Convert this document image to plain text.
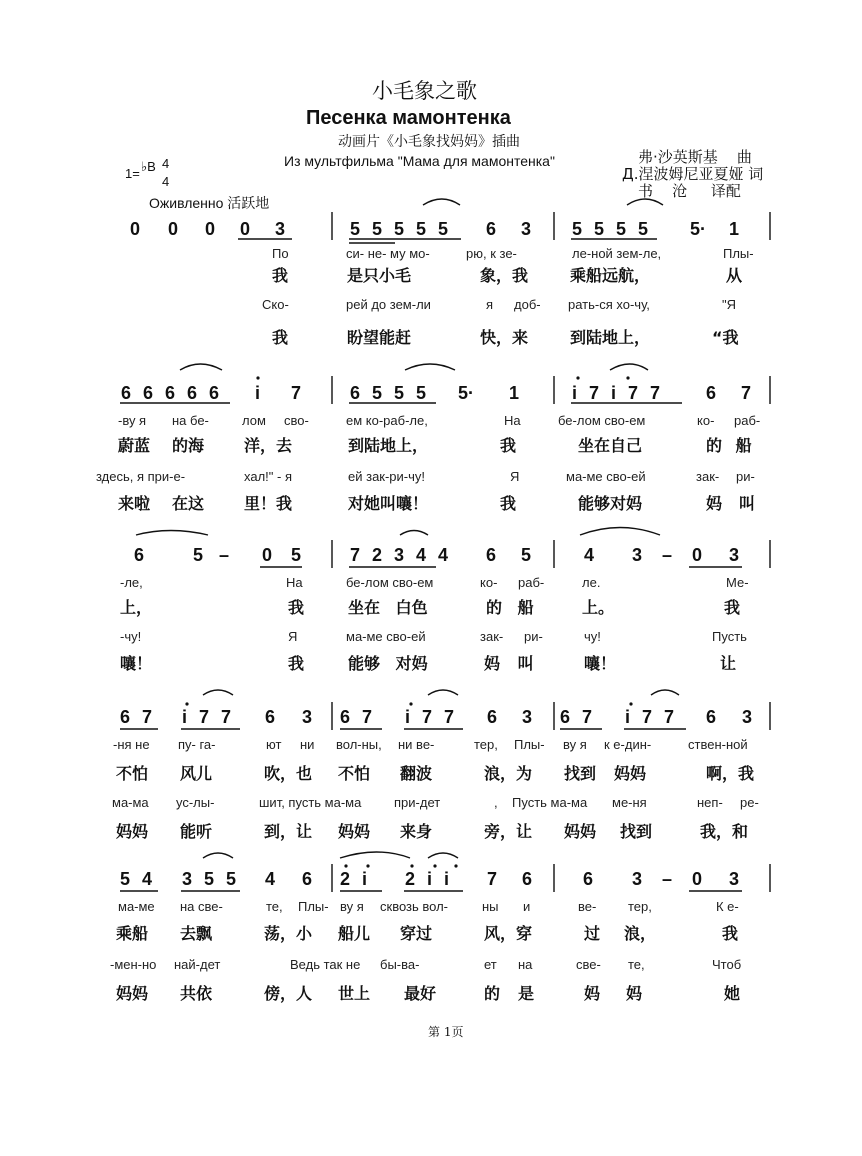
小毛象之歌
Песенка мамонтенка
动画片《小毛象找妈妈》插曲
Из мультфильма "Мама для мамонтенка"	弗·沙英斯基    曲
Д.涅波姆尼亚夏娅 词
书    沧     译配
1= ♭B 4
4
Оживленно 活跃地
0 0 0 0 3	5 5 5 5 5 6 3 5 5 5 5 5· 1
По	си- не- му мо-	рю, к зе-	ле-ной зем-ле,	Плы-
我	是只小毛	象，我	乘船远航，	从
Ско-	рей до зем-ли	я доб- рать-ся хо-чу,	"Я
我	盼望能赶	快，来	到陆地上，	“我
6 6 6 6 6 i 7	6 5 5 5 5· 1	i 7 i 7 7	6 7
-ву я на бе-	лом сво-	ем ко-раб-ле,	На	бе-лом сво-ем	ко- раб-
蔚蓝 的海 洋，去	到陆地上，	我	坐在自己	的 船
здесь, я при-е-	хал!" - я	ей зак-ри-чу!	Я	ма-ме сво-ей	зак- ри-
来啦 在这 里！我	对她叫嚷！	我	能够对妈	妈 叫
6	5 – 0 5	7 2 3 4 4 6 5	4 3 – 0 3
-ле,	На	бе-лом сво-ем	ко- раб-	ле.	Ме-
上，	我	坐在 白色	的 船	上。	我
-чу!	Я	ма-ме сво-ей	зак- ри-	чу!	Пусть
嚷！	我	能够 对妈	妈 叫	嚷！	让
6 7 i 7 7 6 3 6 7 i 7 7 6 3 6 7 i 7 7 6 3
-ня не пу- га-	ют ни вол-ны, ни ве-	тер, Плы- ву я к е-дин-	ствен-ной
不怕 风儿	吹，也 不怕 翻波	浪，为 找到 妈妈	啊，我
ма-ма ус-лы-	шит, пусть ма-ма	при-дет	, Пусть ма-ма ме-ня	неп- ре-
妈妈 能听	到，让 妈妈 来身	旁，让 妈妈 找到	我，和
5 4 3 5 5 4 6 2 i 2 i i 7 6	6 3 – 0 3
ма-ме на све-	те, Плы- ву я сквозь вол-	ны и	ве- тер,	К е-
乘船 去飘	荡，小 船儿 穿过	风，穿	过 浪，	我
-мен-но най-дет	Ведь так не бы-ва-	ет на	све- те,	Чтоб
妈妈 共依	傍，人 世上 最好	的 是	妈 妈	她
第 1页
